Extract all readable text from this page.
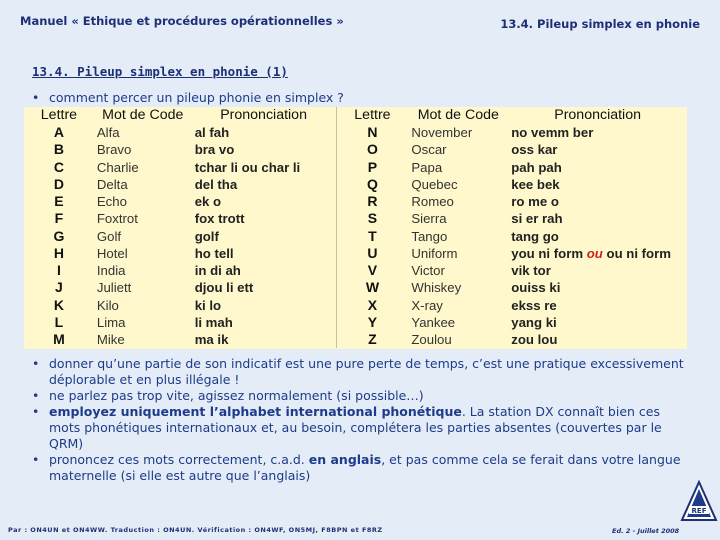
Manuel « Ethique et procédures opérationnelles »	13.4. Pileup simplex en phonie
13.4. Pileup simplex en phonie (1)
• comment percer un pileup phonie en simplex ?
Lettre	Mot de Code	Prononciation	Lettre	Mot de Code	Prononciation
A	Alfa	al fah	N	November	no vemm ber
B	Bravo	bra vo	O	Oscar	oss kar
C	Charlie	tchar li ou char li	P	Papa	pah pah
D	Delta	del tha	Q	Quebec	kee bek
E	Echo	ek o	R	Romeo	ro me o
F	Foxtrot	fox trott	S	Sierra	si er rah
G	Golf	golf	T	Tango	tang go
H	Hotel	ho tell	U	Uniform	you ni form ou ou ni form
I	India	in di ah	V	Victor	vik tor
J	Juliett	djou li ett	W	Whiskey	ouiss ki
K	Kilo	ki lo	X	X-ray	ekss re
L	Lima	li mah	Y	Yankee	yang ki
M	Mike	ma ik	Z	Zoulou	zou lou
• donner qu’une partie de son indicatif est une pure perte de temps, c’est une pratique excessivement déplorable et en plus illégale !
• ne parlez pas trop vite, agissez normalement (si possible…)
• employez uniquement l’alphabet international phonétique. La station DX connaît bien ces mots phonétiques internationaux et, au besoin, complétera les parties absentes (couvertes par le QRM)
• prononcez ces mots correctement, c.a.d. en anglais, et pas comme cela se ferait dans votre langue maternelle (si elle est autre que l’anglais)
Par : ON4UN et ON4WW. Traduction : ON4UN. Vérification : ON4WF, ON5MJ, F8BPN et F8RZ	Ed. 2 - Juillet 2008
REF
